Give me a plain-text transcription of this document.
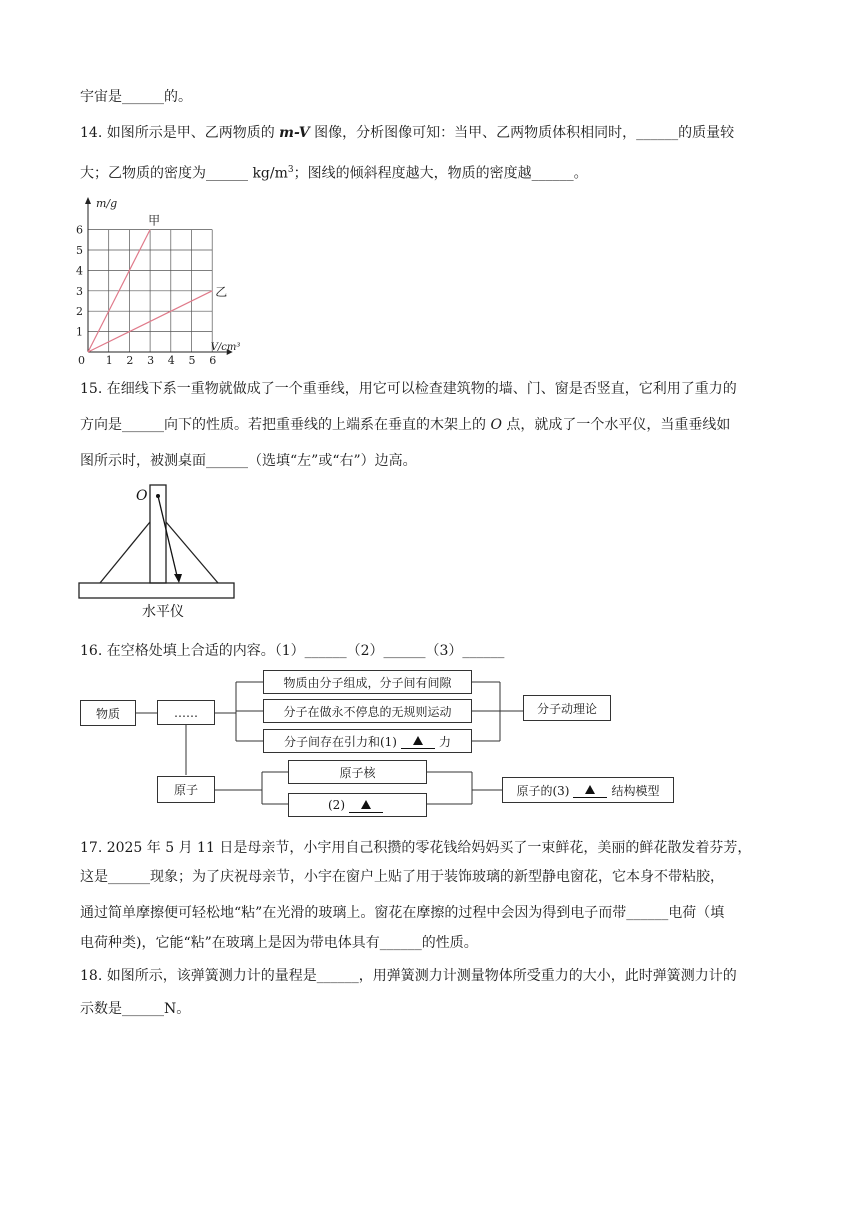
宇宙是______的。
14. 如图所示是甲、乙两物质的 m-V 图像，分析图像可知：当甲、乙两物质体积相同时，______的质量较
大；乙物质的密度为______ $kg/m^3$；图线的倾斜程度越大，物质的密度越______。
0 1 2 3 4 5 6
1
2
3
4
5
6
m/g
V/cm³
甲
乙
15. 在细线下系一重物就做成了一个重垂线，用它可以检查建筑物的墙、门、窗是否竖直，它利用了重力的
方向是______向下的性质。若把重垂线的上端系在垂直的木架上的 O 点，就成了一个水平仪，当重垂线如
图所示时，被测桌面______（选填“左”或“右”）边高。
O
水平仪
16. 在空格处填上合适的内容。（1）______（2）______（3）______
物质	……
物质由分子组成，分子间有间隙
分子在做永不停息的无规则运动
分子间存在引力和(1)	力
分子动理论
原子
原子核
(2)
原子的(3)	结构模型
17. 2025 年 5 月 11 日是母亲节，小宇用自己积攒的零花钱给妈妈买了一束鲜花，美丽的鲜花散发着芬芳，
这是______现象；为了庆祝母亲节，小宇在窗户上贴了用于装饰玻璃的新型静电窗花，它本身不带粘胶，
通过简单摩擦便可轻松地“粘”在光滑的玻璃上。窗花在摩擦的过程中会因为得到电子而带______电荷（填
电荷种类)，它能“粘”在玻璃上是因为带电体具有______的性质。
18. 如图所示，该弹簧测力计的量程是______，用弹簧测力计测量物体所受重力的大小，此时弹簧测力计的
示数是______N。
